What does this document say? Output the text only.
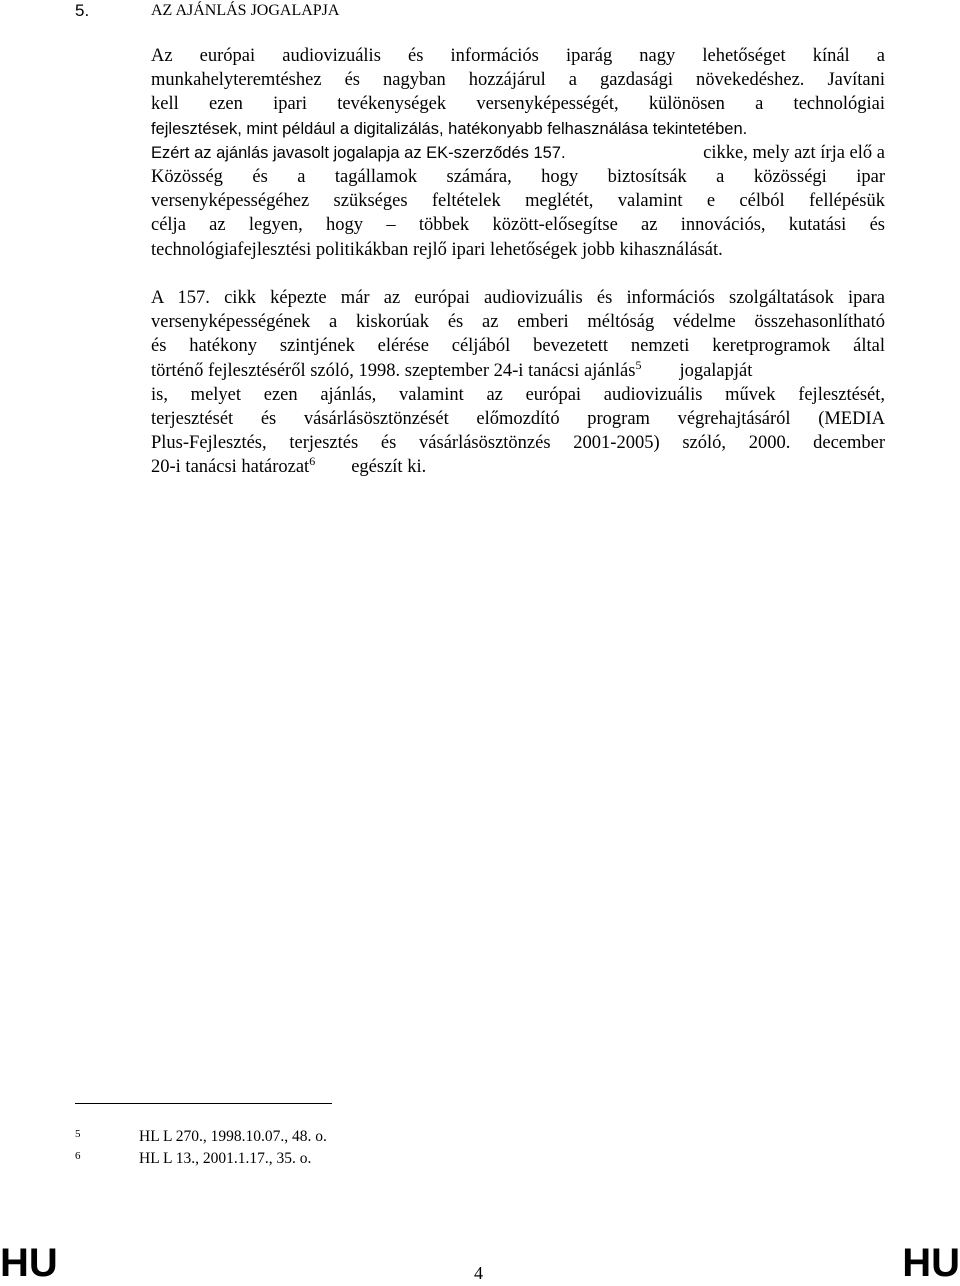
5.	AZ AJÁNLÁS JOGALAPJA
Az európai audiovizuális és információs iparág nagy lehetőséget kínál a
munkahelyteremtéshez és nagyban hozzájárul a gazdasági növekedéshez. Javítani
kell ezen ipari tevékenységek versenyképességét, különösen a technológiai
fejlesztések, mint például a digitalizálás, hatékonyabb felhasználása tekintetében.
Ezért az ajánlás javasolt jogalapja az EK-szerződés 157.	cikke, mely azt írja elő a
Közösség és a tagállamok számára, hogy biztosítsák a közösségi ipar
versenyképességéhez szükséges feltételek meglétét, valamint e célból fellépésük
célja az legyen, hogy – többek között-elősegítse az innovációs, kutatási és
technológiafejlesztési politikákban rejlő ipari lehetőségek jobb kihasználását.
A 157. cikk képezte már az európai audiovizuális és információs szolgáltatások ipara
versenyképességének a kiskorúak és az emberi méltóság védelme összehasonlítható
és hatékony szintjének elérése céljából bevezetett nemzeti keretprogramok által
történő fejlesztéséről szóló, 1998. szeptember 24-i tanácsi ajánlás$^5$ jogalapját
is, melyet ezen ajánlás, valamint az európai audiovizuális művek fejlesztését,
terjesztését és vásárlásösztönzését előmozdító program végrehajtásáról (MEDIA
Plus-Fejlesztés, terjesztés és vásárlásösztönzés 2001-2005) szóló, 2000. december
20-i tanácsi határozat$^6$ egészít ki.
5	HL L 270., 1998.10.07., 48. o.
6	HL L 13., 2001.1.17., 35. o.
HU	4	HU
